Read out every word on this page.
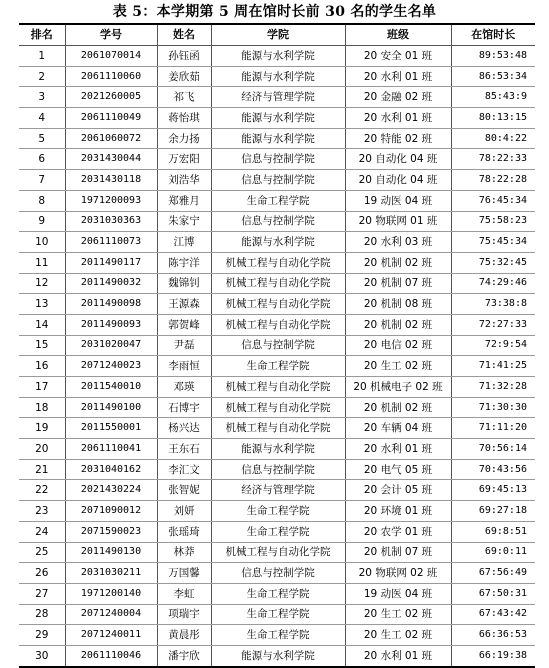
表 5：本学期第 5 周在馆时长前 30 名的学生名单
排名	学号	姓名	学院	班级	在馆时长
1	2061070014	孙钰函	能源与水利学院	20 安全 01 班	89:53:48
2	2061110060	姜欣茹	能源与水利学院	20 水利 01 班	86:53:34
3	2021260005	祁飞	经济与管理学院	20 金融 02 班	85:43:9
4	2061110049	蒋怡琪	能源与水利学院	20 水利 01 班	80:13:15
5	2061060072	余力扬	能源与水利学院	20 特能 02 班	80:4:22
6	2031430044	万宏阳	信息与控制学院	20 自动化 04 班	78:22:33
7	2031430118	刘浩华	信息与控制学院	20 自动化 04 班	78:22:28
8	1971200093	郑雅月	生命工程学院	19 动医 04 班	76:45:34
9	2031030363	朱家宁	信息与控制学院	20 物联网 01 班	75:58:23
10	2061110073	江博	能源与水利学院	20 水利 03 班	75:45:34
11	2011490117	陈宇洋	机械工程与自动化学院	20 机制 02 班	75:32:45
12	2011490032	魏锦钊	机械工程与自动化学院	20 机制 07 班	74:29:46
13	2011490098	王源森	机械工程与自动化学院	20 机制 08 班	73:38:8
14	2011490093	郭贺峰	机械工程与自动化学院	20 机制 02 班	72:27:33
15	2031020047	尹磊	信息与控制学院	20 电信 02 班	72:9:54
16	2071240023	李雨恒	生命工程学院	20 生工 02 班	71:41:25
17	2011540010	邓瑛	机械工程与自动化学院	20 机械电子 02 班	71:32:28
18	2011490100	石博宇	机械工程与自动化学院	20 机制 02 班	71:30:30
19	2011550001	杨兴达	机械工程与自动化学院	20 车辆 04 班	71:11:20
20	2061110041	王东石	能源与水利学院	20 水利 01 班	70:56:14
21	2031040162	李汇文	信息与控制学院	20 电气 05 班	70:43:56
22	2021430224	张智妮	经济与管理学院	20 会计 05 班	69:45:13
23	2071090012	刘妍	生命工程学院	20 环境 01 班	69:27:18
24	2071590023	张瑶琦	生命工程学院	20 农学 01 班	69:8:51
25	2011490130	林莽	机械工程与自动化学院	20 机制 07 班	69:0:11
26	2031030211	万国馨	信息与控制学院	20 物联网 02 班	67:56:49
27	1971200140	李虹	生命工程学院	19 动医 04 班	67:50:31
28	2071240004	项瑞宇	生命工程学院	20 生工 02 班	67:43:42
29	2071240011	黄晨彤	生命工程学院	20 生工 02 班	66:36:53
30	2061110046	潘宇欣	能源与水利学院	20 水利 01 班	66:19:38
